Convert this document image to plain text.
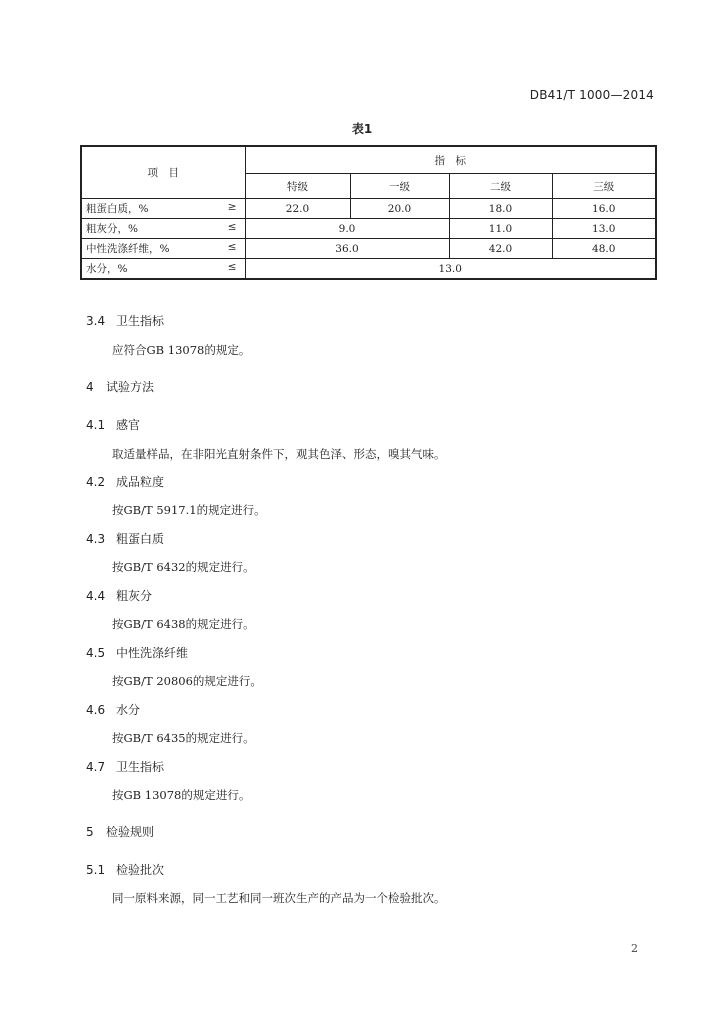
DB41/T 1000—2014
表1
项　目	指　标			
	特级	一级	二级	三级
粗蛋白质，% ≥	22.0	20.0	18.0	16.0
粗灰分，% ≤	9.0		11.0	13.0
中性洗涤纤维，% ≤	36.0		42.0	48.0
水分，% ≤	13.0			
3.4 卫生指标
应符合GB 13078的规定。
4 试验方法
4.1 感官
取适量样品，在非阳光直射条件下，观其色泽、形态，嗅其气味。
4.2 成品粒度
按GB/T 5917.1的规定进行。
4.3 粗蛋白质
按GB/T 6432的规定进行。
4.4 粗灰分
按GB/T 6438的规定进行。
4.5 中性洗涤纤维
按GB/T 20806的规定进行。
4.6 水分
按GB/T 6435的规定进行。
4.7 卫生指标
按GB 13078的规定进行。
5 检验规则
5.1 检验批次
同一原料来源，同一工艺和同一班次生产的产品为一个检验批次。
2
